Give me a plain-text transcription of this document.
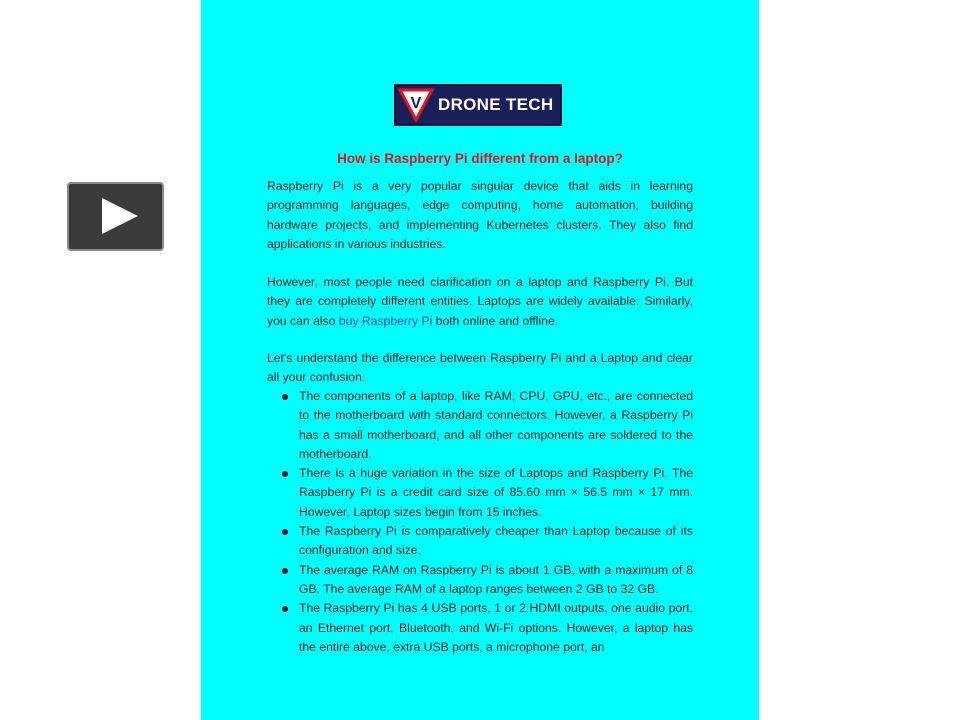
V DRONE TECH
How is Raspberry Pi different from a laptop?
Raspberry Pi is a very popular singular device that aids in learning programming languages, edge computing, home automation, building hardware projects, and implementing Kubernetes clusters. They also find applications in various industries.
However, most people need clarification on a laptop and Raspberry Pi. But they are completely different entities. Laptops are widely available. Similarly, you can also buy Raspberry Pi both online and offline.
Let's understand the difference between Raspberry Pi and a Laptop and clear all your confusion.
The components of a laptop, like RAM, CPU, GPU, etc., are connected to the motherboard with standard connectors. However, a Raspberry Pi has a small motherboard, and all other components are soldered to the motherboard.
There is a huge variation in the size of Laptops and Raspberry Pi. The Raspberry Pi is a credit card size of 85.60 mm × 56.5 mm × 17 mm. However, Laptop sizes begin from 15 inches.
The Raspberry Pi is comparatively cheaper than Laptop because of its configuration and size.
The average RAM on Raspberry Pi is about 1 GB, with a maximum of 8 GB. The average RAM of a laptop ranges between 2 GB to 32 GB.
The Raspberry Pi has 4 USB ports, 1 or 2 HDMI outputs, one audio port, an Ethernet port, Bluetooth, and Wi-Fi options. However, a laptop has the entire above, extra USB ports, a microphone port, an
